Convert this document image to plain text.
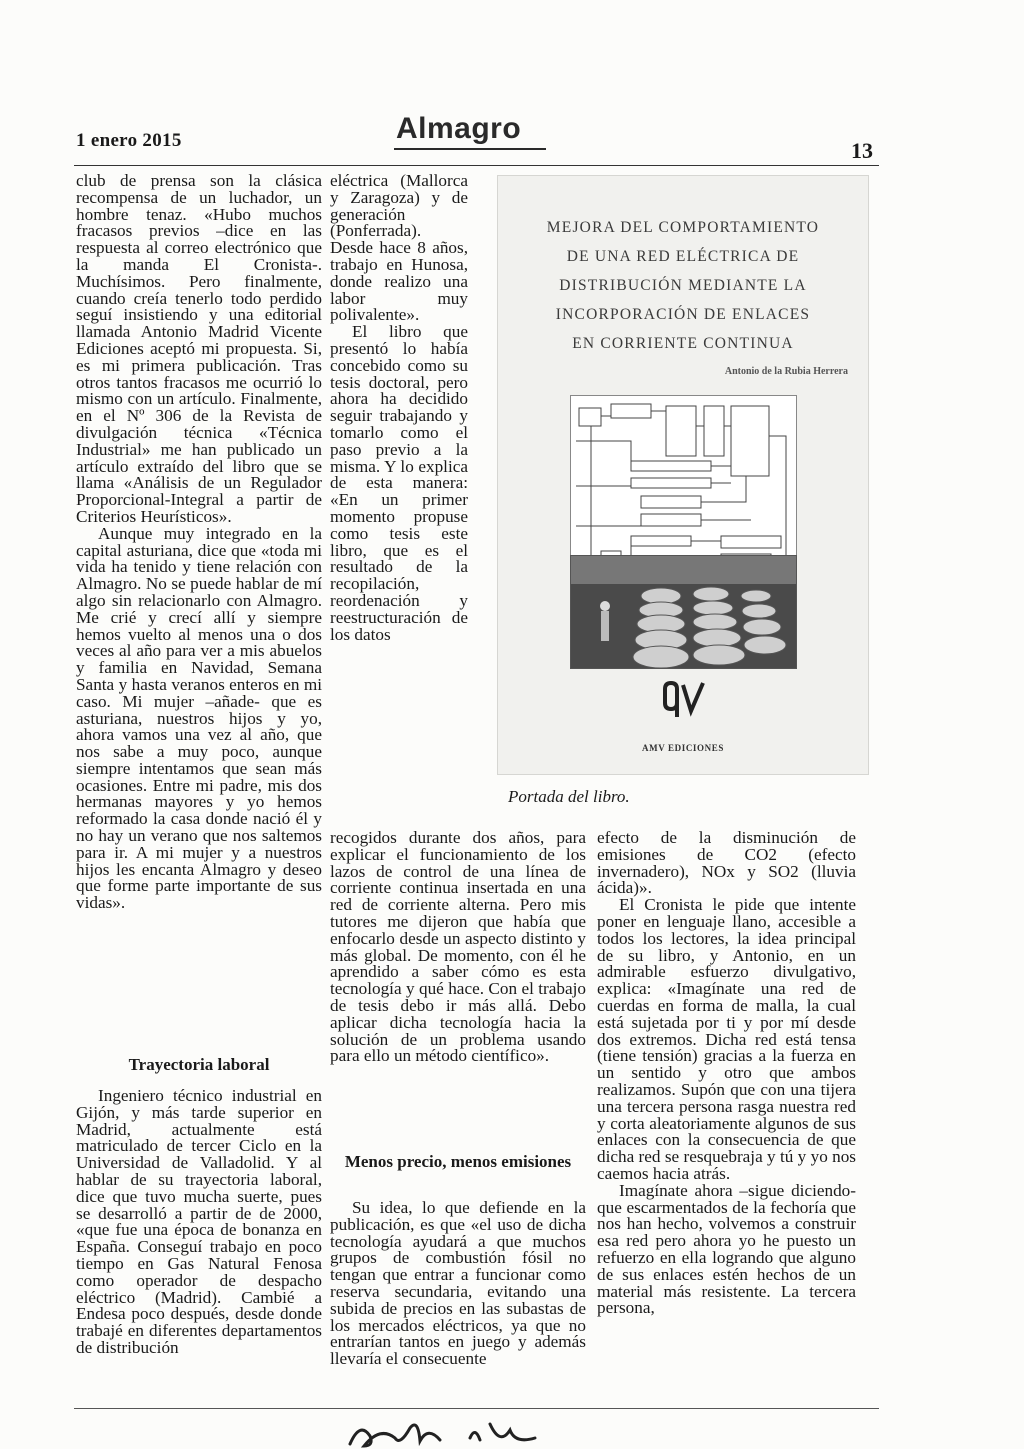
1 enero 2015	Almagro
13

club de prensa son la clásica recompensa de un luchador, un hombre tenaz. «Hubo muchos fracasos previos –dice en las respuesta al correo electrónico que la manda El Cronista-. Muchísimos. Pero finalmente, cuando creía tenerlo todo perdido seguí insistiendo y una editorial llamada Antonio Madrid Vicente Ediciones aceptó mi propuesta. Si, es mi primera publicación. Tras otros tantos fracasos me ocurrió lo mismo con un artículo. Finalmente, en el Nº 306 de la Revista de divulgación técnica «Técnica Industrial» me han publicado un artículo extraído del libro que se llama «Análisis de un Regulador Proporcional-Integral a partir de Criterios Heurísticos».

Aunque muy integrado en la capital asturiana, dice que «toda mi vida ha tenido y tiene relación con Almagro. No se puede hablar de mí algo sin relacionarlo con Almagro. Me crié y crecí allí y siempre hemos vuelto al menos una o dos veces al año para ver a mis abuelos y familia en Navidad, Semana Santa y hasta veranos enteros en mi caso. Mi mujer –añade- que es asturiana, nuestros hijos y yo, ahora vamos una vez al año, que nos sabe a muy poco, aunque siempre intentamos que sean más ocasiones. Entre mi padre, mis dos hermanas mayores y yo hemos reformado la casa donde nació él y no hay un verano que nos saltemos para ir. A mi mujer y a nuestros hijos les encanta Almagro y deseo que forme parte importante de sus vidas».

Trayectoria laboral

Ingeniero técnico industrial en Gijón, y más tarde superior en Madrid, actualmente está matriculado de tercer Ciclo en la Universidad de Valladolid. Y al hablar de su trayectoria laboral, dice que tuvo mucha suerte, pues se desarrolló a partir de de 2000, «que fue una época de bonanza en España. Conseguí trabajo en poco tiempo en Gas Natural Fenosa como operador de despacho eléctrico (Madrid). Cambié a Endesa poco después, desde donde trabajé en diferentes departamentos de distribución

eléctrica (Mallorca y Zaragoza) y de generación (Ponferrada). Desde hace 8 años, trabajo en Hunosa, donde realizo una labor muy polivalente».

El libro que presentó lo había concebido como su tesis doctoral, pero ahora ha decidido seguir trabajando y tomarlo como el paso previo a la misma. Y lo explica de esta manera: «En un primer momento propuse como tesis este libro, que es el resultado de la recopilación, reordenación y reestructuración de los datos

recogidos durante dos años, para explicar el funcionamiento de los lazos de control de una línea de corriente continua insertada en una red de corriente alterna. Pero mis tutores me dijeron que había que enfocarlo desde un aspecto distinto y más global. De momento, con él he aprendido a saber cómo es esta tecnología y qué hace. Con el trabajo de tesis debo ir más allá. Debo aplicar dicha tecnología hacia la solución de un problema usando para ello un método científico».

Menos precio, menos emisiones

Su idea, lo que defiende en la publicación, es que «el uso de dicha tecnología ayudará a que muchos grupos de combustión fósil no tengan que entrar a funcionar como reserva secundaria, evitando una subida de precios en las subastas de los mercados eléctricos, ya que no entrarían tantos en juego y además llevaría el consecuente

efecto de la disminución de emisiones de CO2 (efecto invernadero), NOx y SO2 (lluvia ácida)».

El Cronista le pide que intente poner en lenguaje llano, accesible a todos los lectores, la idea principal de su libro, y Antonio, en un admirable esfuerzo divulgativo, explica: «Imagínate una red de cuerdas en forma de malla, la cual está sujetada por ti y por mí desde dos extremos. Dicha red está tensa (tiene tensión) gracias a la fuerza en un sentido y otro que ambos realizamos. Supón que con una tijera una tercera persona rasga nuestra red y corta aleatoriamente algunos de sus enlaces con la consecuencia de que dicha red se resquebraja y tú y yo nos caemos hacia atrás.

Imagínate ahora –sigue diciendo- que escarmentados de la fechoría que nos han hecho, volvemos a construir esa red pero ahora yo he puesto un refuerzo en ella logrando que alguno de sus enlaces estén hechos de un material más resistente. La tercera persona,

MEJORA DEL COMPORTAMIENTO
DE UNA RED ELÉCTRICA DE
DISTRIBUCIÓN MEDIANTE LA
INCORPORACIÓN DE ENLACES
EN CORRIENTE CONTINUA
Antonio de la Rubia Herrera
AMV EDICIONES
Portada del libro.
